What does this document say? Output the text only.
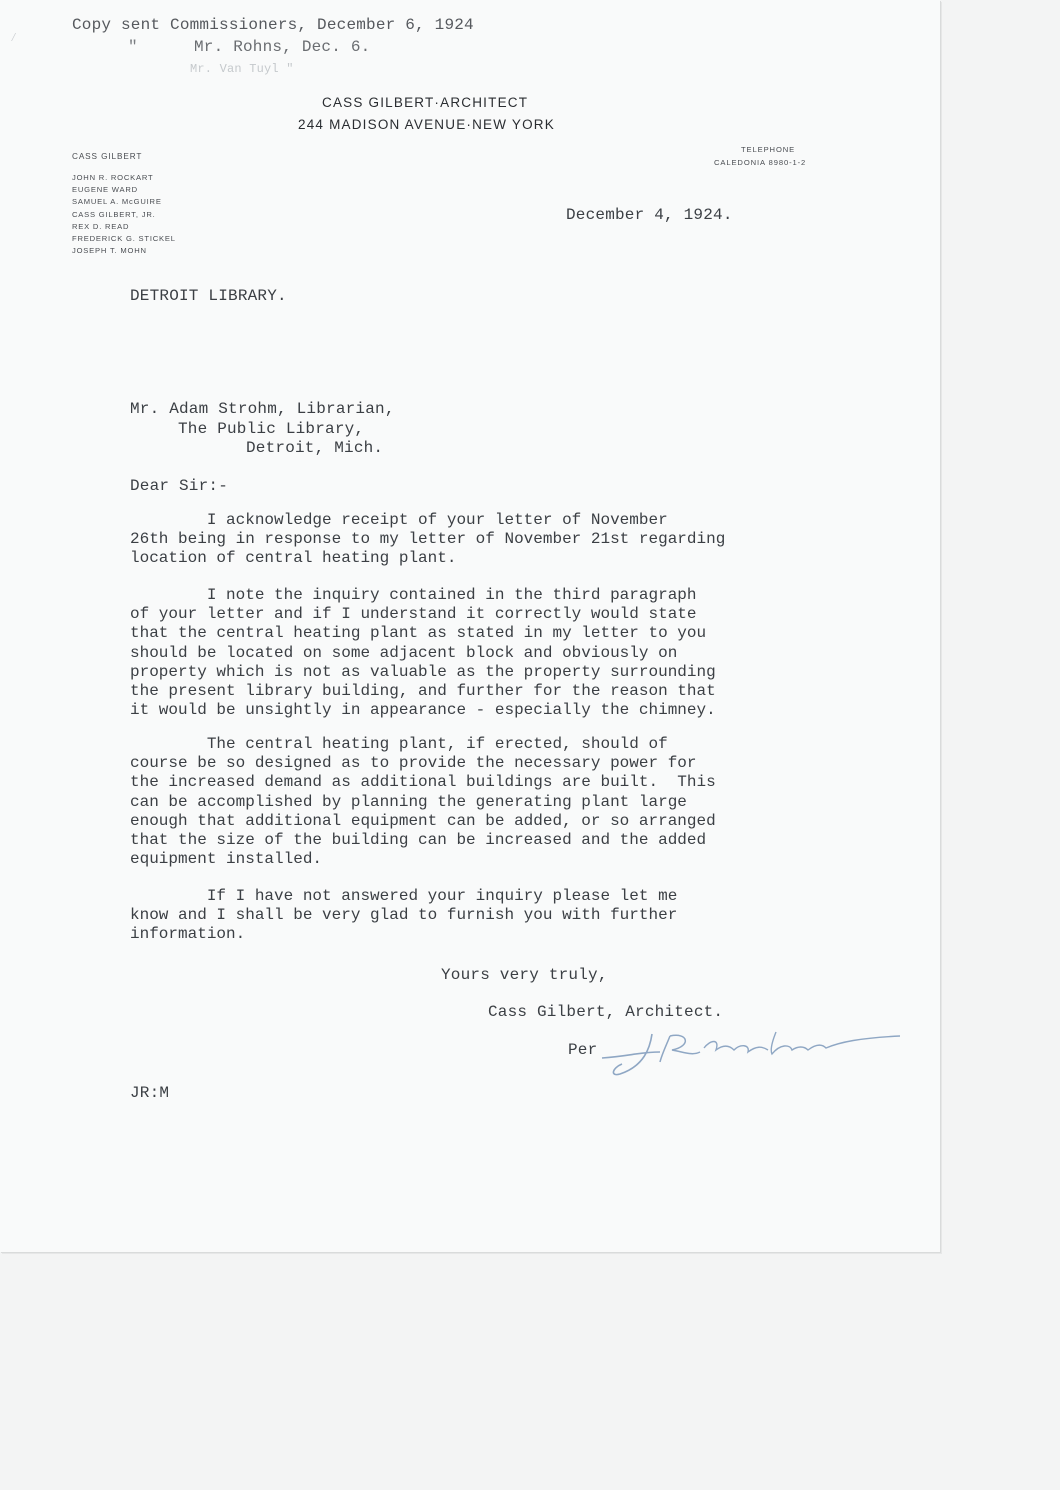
Copy sent Commissioners, December 6, 1924
"	Mr. Rohns, Dec. 6.
Mr. Van Tuyl "
⁄
CASS GILBERT·ARCHITECT
244 MADISON AVENUE·NEW YORK
CASS GILBERT
JOHN R. ROCKART
EUGENE WARD
SAMUEL A. McGUIRE
CASS GILBERT, JR.
REX D. READ
FREDERICK G. STICKEL
JOSEPH T. MOHN
TELEPHONE
CALEDONIA 8980-1-2
December 4, 1924.
DETROIT LIBRARY.
Mr. Adam Strohm, Librarian,
The Public Library,
Detroit, Mich.
Dear Sir:-
I acknowledge receipt of your letter of November
26th being in response to my letter of November 21st regarding
location of central heating plant.
I note the inquiry contained in the third paragraph
of your letter and if I understand it correctly would state
that the central heating plant as stated in my letter to you
should be located on some adjacent block and obviously on
property which is not as valuable as the property surrounding
the present library building, and further for the reason that
it would be unsightly in appearance - especially the chimney.
The central heating plant, if erected, should of
course be so designed as to provide the necessary power for
the increased demand as additional buildings are built.  This
can be accomplished by planning the generating plant large
enough that additional equipment can be added, or so arranged
that the size of the building can be increased and the added
equipment installed.
If I have not answered your inquiry please let me
know and I shall be very glad to furnish you with further
information.
Yours very truly,
Cass Gilbert, Architect.
Per
JR:M
